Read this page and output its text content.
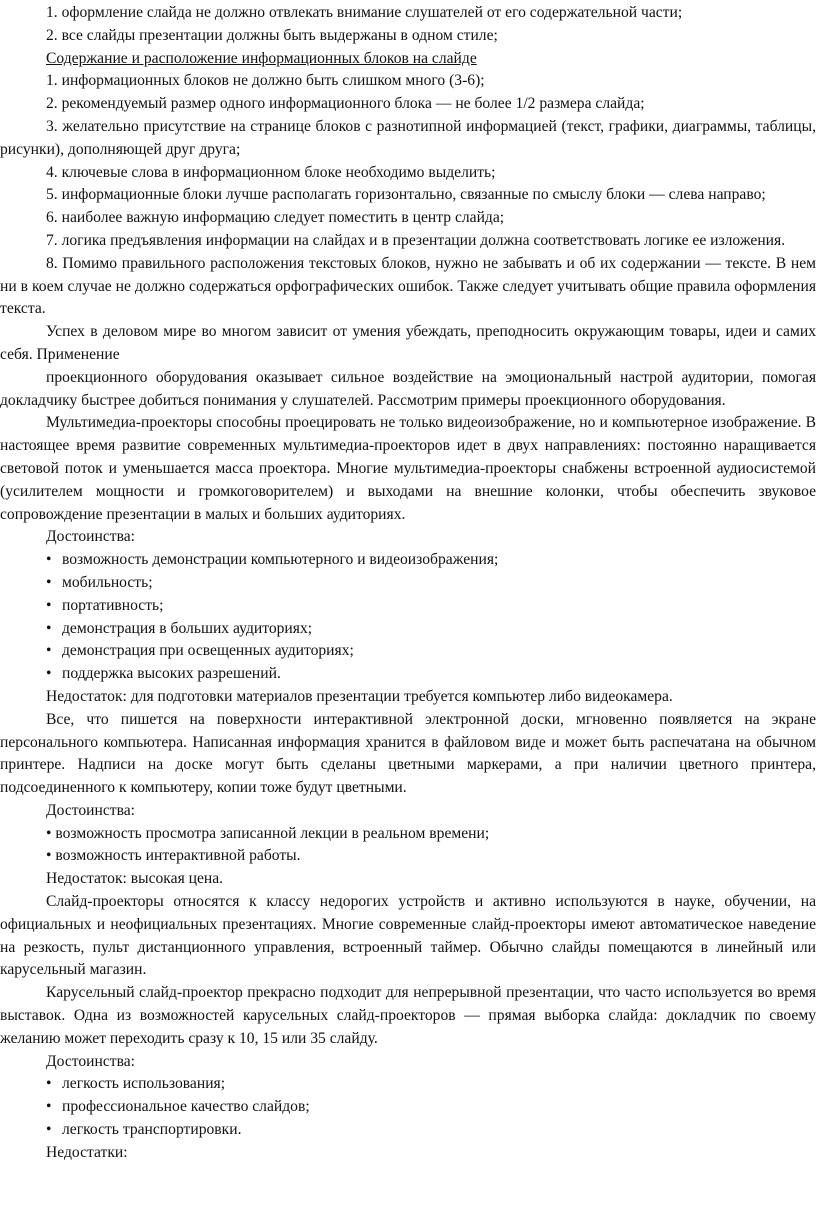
1. оформление слайда не должно отвлекать внимание слушателей от его содержательной части;

2. все слайды презентации должны быть выдержаны в одном стиле;

Содержание и расположение информационных блоков на слайде

1. информационных блоков не должно быть слишком много (3-6);

2. рекомендуемый размер одного информационного блока — не более 1/2 размера слайда;

3. желательно присутствие на странице блоков с разнотипной информацией (текст, графики, диаграммы, таблицы, рисунки), дополняющей друг друга;

4. ключевые слова в информационном блоке необходимо выделить;

5. информационные блоки лучше располагать горизонтально, связанные по смыслу блоки — слева направо;

6. наиболее важную информацию следует поместить в центр слайда;

7. логика предъявления информации на слайдах и в презентации должна соответствовать логике ее изложения.

8. Помимо правильного расположения текстовых блоков, нужно не забывать и об их содержании — тексте. В нем ни в коем случае не должно содержаться орфографических ошибок. Также следует учитывать общие правила оформления текста.

Успех в деловом мире во многом зависит от умения убеждать, преподносить окружающим товары, идеи и самих себя. Применение

проекционного оборудования оказывает сильное воздействие на эмоциональный настрой аудитории, помогая докладчику быстрее добиться понимания у слушателей. Рассмотрим примеры проекционного оборудования.

Мультимедиа-проекторы способны проецировать не только видеоизображение, но и компьютерное изображение. В настоящее время развитие современных мультимедиа-проекторов идет в двух направлениях: постоянно наращивается световой поток и уменьшается масса проектора. Многие мультимедиа-проекторы снабжены встроенной аудиосистемой (усилителем мощности и громкоговорителем) и выходами на внешние колонки, чтобы обеспечить звуковое сопровождение презентации в малых и больших аудиториях.

Достоинства:

• возможность демонстрации компьютерного и видеоизображения;

• мобильность;

• портативность;

• демонстрация в больших аудиториях;

• демонстрация при освещенных аудиториях;

• поддержка высоких разрешений.

Недостаток: для подготовки материалов презентации требуется компьютер либо видеокамера.

Все, что пишется на поверхности интерактивной электронной доски, мгновенно появляется на экране персонального компьютера. Написанная информация хранится в файловом виде и может быть распечатана на обычном принтере. Надписи на доске могут быть сделаны цветными маркерами, а при наличии цветного принтера, подсоединенного к компьютеру, копии тоже будут цветными.

Достоинства:

• возможность просмотра записанной лекции в реальном времени;

• возможность интерактивной работы.

Недостаток: высокая цена.

Слайд-проекторы относятся к классу недорогих устройств и активно используются в науке, обучении, на официальных и неофициальных презентациях. Многие современные слайд-проекторы имеют автоматическое наведение на резкость, пульт дистанционного управления, встроенный таймер. Обычно слайды помещаются в линейный или карусельный магазин.

Карусельный слайд-проектор прекрасно подходит для непрерывной презентации, что часто используется во время выставок. Одна из возможностей карусельных слайд-проекторов — прямая выборка слайда: докладчик по своему желанию может переходить сразу к 10, 15 или 35 слайду.

Достоинства:

• легкость использования;

• профессиональное качество слайдов;

• легкость транспортировки.

Недостатки:
